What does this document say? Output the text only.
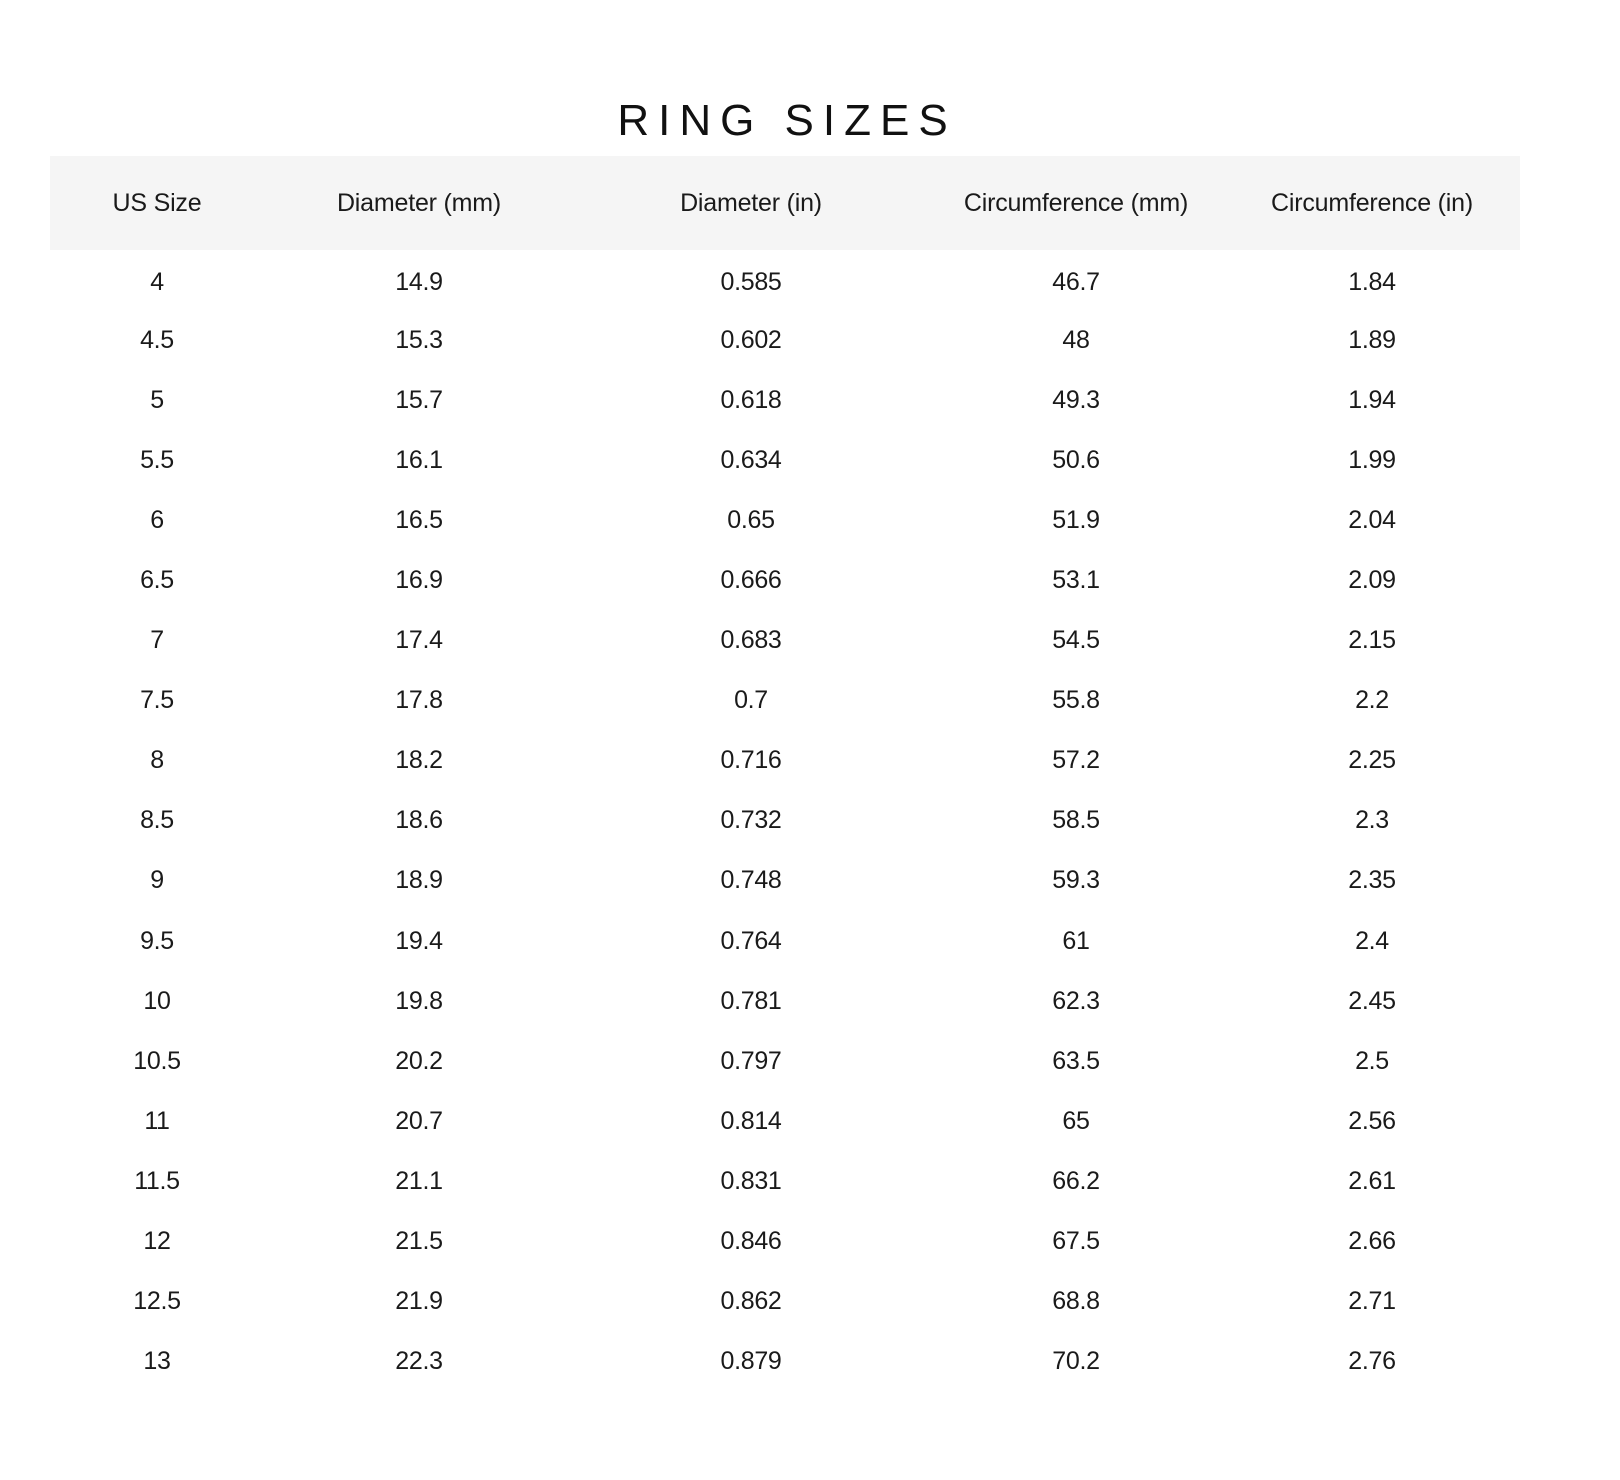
RING SIZES
US Size	Diameter (mm)	Diameter (in)	Circumference (mm)	Circumference (in)
4	14.9	0.585	46.7	1.84
4.5	15.3	0.602	48	1.89
5	15.7	0.618	49.3	1.94
5.5	16.1	0.634	50.6	1.99
6	16.5	0.65	51.9	2.04
6.5	16.9	0.666	53.1	2.09
7	17.4	0.683	54.5	2.15
7.5	17.8	0.7	55.8	2.2
8	18.2	0.716	57.2	2.25
8.5	18.6	0.732	58.5	2.3
9	18.9	0.748	59.3	2.35
9.5	19.4	0.764	61	2.4
10	19.8	0.781	62.3	2.45
10.5	20.2	0.797	63.5	2.5
11	20.7	0.814	65	2.56
11.5	21.1	0.831	66.2	2.61
12	21.5	0.846	67.5	2.66
12.5	21.9	0.862	68.8	2.71
13	22.3	0.879	70.2	2.76
